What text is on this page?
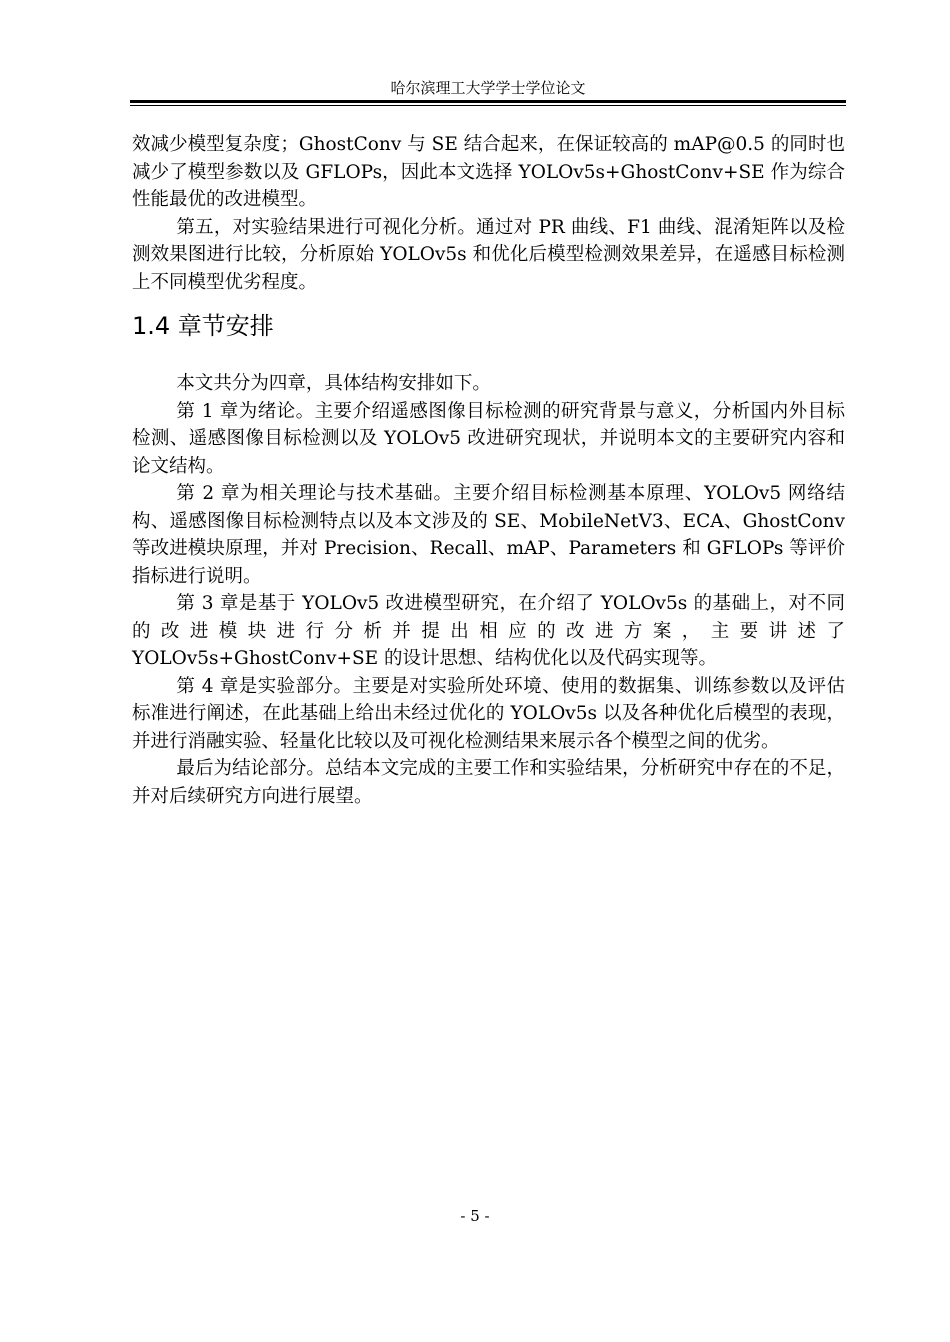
哈尔滨理工大学学士学位论文

效减少模型复杂度；GhostConv 与 SE 结合起来，在保证较高的 mAP@0.5 的同时也减少了模型参数以及 GFLOPs，因此本文选择 YOLOv5s+GhostConv+SE 作为综合性能最优的改进模型。

第五，对实验结果进行可视化分析。通过对 PR 曲线、F1 曲线、混淆矩阵以及检测效果图进行比较，分析原始 YOLOv5s 和优化后模型检测效果差异，在遥感目标检测上不同模型优劣程度。

1.4 章节安排

本文共分为四章，具体结构安排如下。

第 1 章为绪论。主要介绍遥感图像目标检测的研究背景与意义，分析国内外目标检测、遥感图像目标检测以及 YOLOv5 改进研究现状，并说明本文的主要研究内容和论文结构。

第 2 章为相关理论与技术基础。主要介绍目标检测基本原理、YOLOv5 网络结构、遥感图像目标检测特点以及本文涉及的 SE、MobileNetV3、ECA、GhostConv 等改进模块原理，并对 Precision、Recall、mAP、Parameters 和 GFLOPs 等评价指标进行说明。

第 3 章是基于 YOLOv5 改进模型研究，在介绍了 YOLOv5s 的基础上，对不同的改进模块进行分析并提出相应的改进方案，主要讲述了 YOLOv5s+GhostConv+SE 的设计思想、结构优化以及代码实现等。

第 4 章是实验部分。主要是对实验所处环境、使用的数据集、训练参数以及评估标准进行阐述，在此基础上给出未经过优化的 YOLOv5s 以及各种优化后模型的表现，并进行消融实验、轻量化比较以及可视化检测结果来展示各个模型之间的优劣。

最后为结论部分。总结本文完成的主要工作和实验结果，分析研究中存在的不足，并对后续研究方向进行展望。

- 5 -
